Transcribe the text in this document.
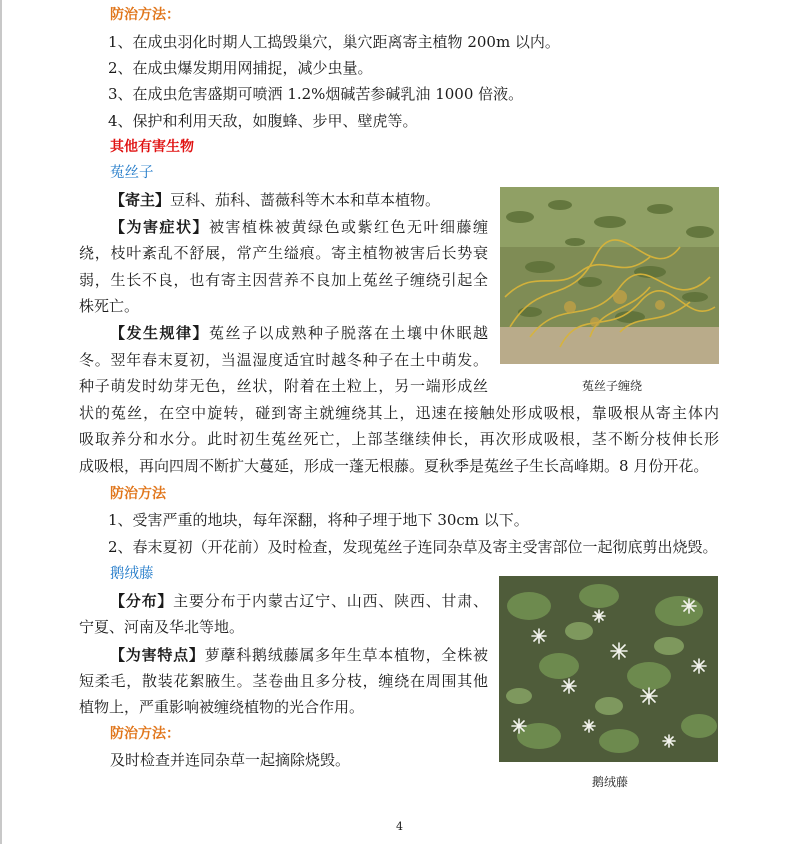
防治方法：
1、在成虫羽化时期人工捣毁巢穴，巢穴距离寄主植物 200m 以内。
2、在成虫爆发期用网捕捉，减少虫量。
3、在成虫危害盛期可喷洒 1.2%烟碱苦参碱乳油 1000 倍液。
4、保护和利用天敌，如腹蜂、步甲、壁虎等。
其他有害生物
菟丝子
【寄主】豆科、茄科、蔷薇科等木本和草本植物。
【为害症状】被害植株被黄绿色或紫红色无叶细藤缠
绕，枝叶紊乱不舒展，常产生缢痕。寄主植物被害后长势衰
弱，生长不良，也有寄主因营养不良加上菟丝子缠绕引起全
株死亡。
【发生规律】菟丝子以成熟种子脱落在土壤中休眠越
冬。翌年春末夏初，当温湿度适宜时越冬种子在土中萌发。
种子萌发时幼芽无色，丝状，附着在土粒上，另一端形成丝
状的菟丝，在空中旋转，碰到寄主就缠绕其上，迅速在接触处形成吸根，靠吸根从寄主体内
吸取养分和水分。此时初生菟丝死亡，上部茎继续伸长，再次形成吸根，茎不断分枝伸长形
成吸根，再向四周不断扩大蔓延，形成一蓬无根藤。夏秋季是菟丝子生长高峰期。8 月份开花。
菟丝子缠绕
防治方法
1、受害严重的地块，每年深翻，将种子埋于地下 30cm 以下。
2、春末夏初（开花前）及时检查，发现菟丝子连同杂草及寄主受害部位一起彻底剪出烧毁。
鹅绒藤
【分布】主要分布于内蒙古辽宁、山西、陕西、甘肃、
宁夏、河南及华北等地。
【为害特点】萝藦科鹅绒藤属多年生草本植物，全株被
短柔毛，散装花絮腋生。茎卷曲且多分枝，缠绕在周围其他
植物上，严重影响被缠绕植物的光合作用。
防治方法：
及时检查并连同杂草一起摘除烧毁。
鹅绒藤
4
